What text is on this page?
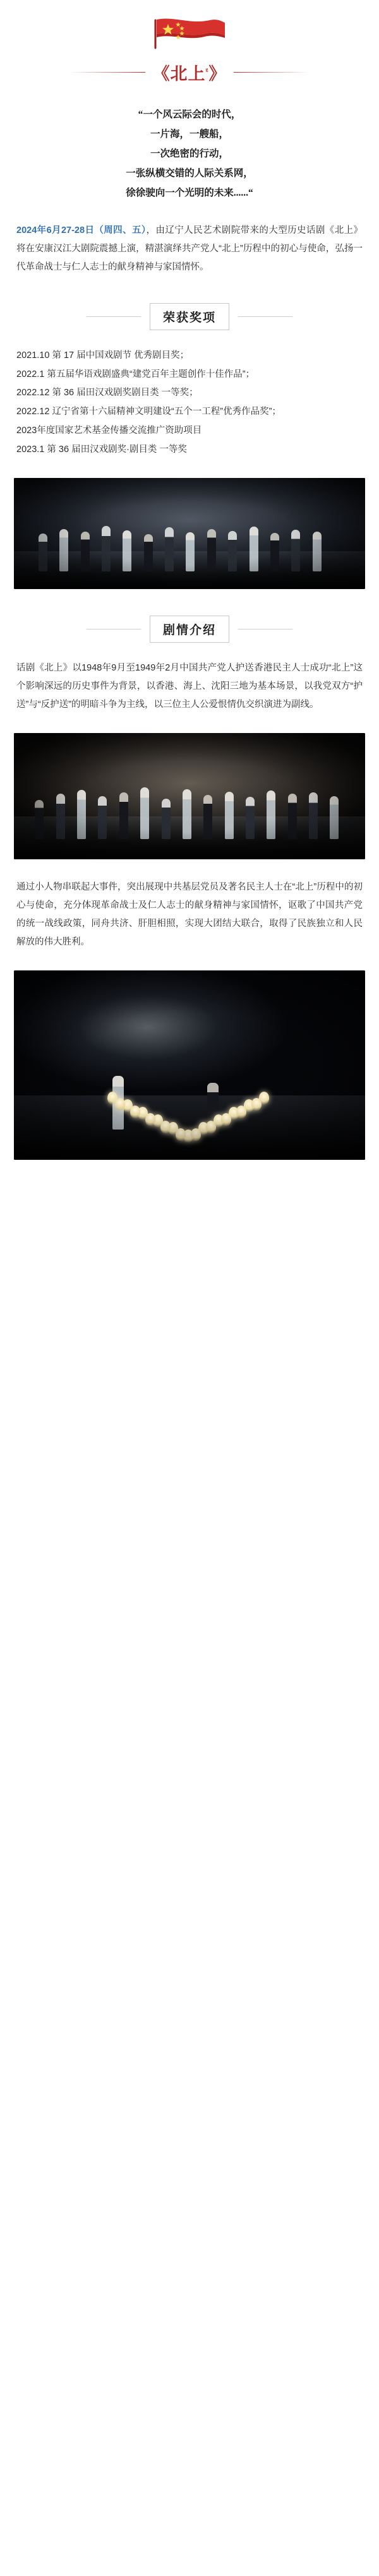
《北上$^ᵍ$》
“一个风云际会的时代，
一片海，一艘船，
一次绝密的行动，
一张纵横交错的人际关系网，
徐徐驶向一个光明的未来......“

2024年6月27-28日（周四、五），由辽宁人民艺术剧院带来的大型历史话剧《北上》将在安康汉江大剧院震撼上演，精湛演绎共产党人“北上”历程中的初心与使命，弘扬一代革命战士与仁人志士的献身精神与家国情怀。

荣获奖项
2021.10 第 17 届中国戏剧节 优秀剧目奖；
2022.1 第五届华语戏剧盛典“建党百年主题创作十佳作品”；
2022.12 第 36 届田汉戏剧奖剧目类 一等奖；
2022.12 辽宁省第十六届精神文明建设“五个一工程”优秀作品奖”；
2023年度国家艺术基金传播交流推广资助项目
2023.1 第 36 届田汉戏剧奖·剧目类 一等奖
剧情介绍

话剧《北上》以1948年9月至1949年2月中国共产党人护送香港民主人士成功“北上”这个影响深远的历史事件为背景，以香港、海上、沈阳三地为基本场景，以我党双方“护送”与“反护送”的明暗斗争为主线，以三位主人公爱恨情仇交织演进为副线。

通过小人物串联起大事件，突出展现中共基层党员及著名民主人士在“北上”历程中的初心与使命，充分体现革命战士及仁人志士的献身精神与家国情怀，讴歌了中国共产党的统一战线政策，同舟共济、肝胆相照，实现大团结大联合，取得了民族独立和人民解放的伟大胜利。
